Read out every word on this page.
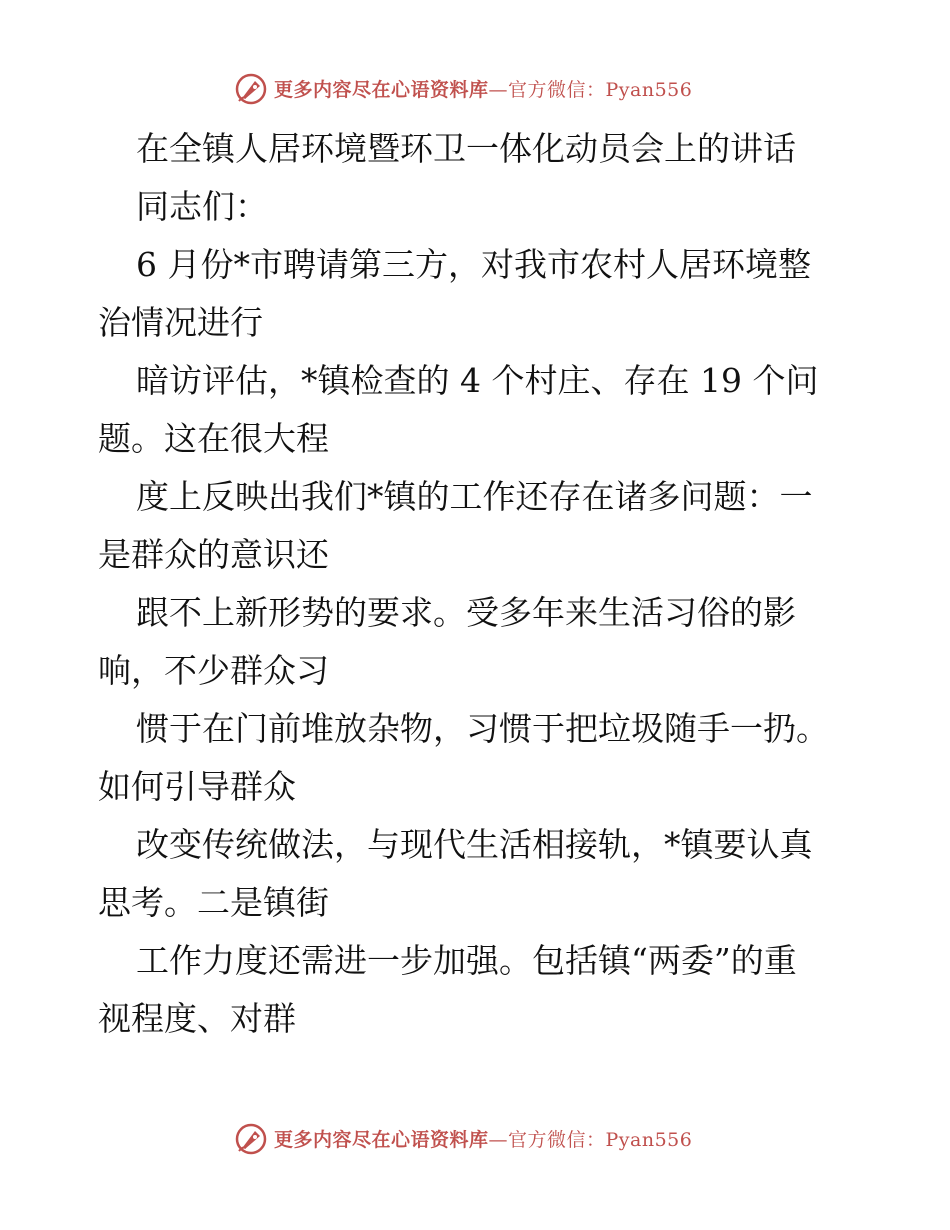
更多内容尽在心语资料库—官方微信：Pyan556

在全镇人居环境暨环卫一体化动员会上的讲话

同志们：

6 月份*市聘请第三方，对我市农村人居环境整

治情况进行

暗访评估，*镇检查的 4 个村庄、存在 19 个问

题。这在很大程

度上反映出我们*镇的工作还存在诸多问题：一

是群众的意识还

跟不上新形势的要求。受多年来生活习俗的影

响，不少群众习

惯于在门前堆放杂物，习惯于把垃圾随手一扔。

如何引导群众

改变传统做法，与现代生活相接轨，*镇要认真

思考。二是镇街

工作力度还需进一步加强。包括镇“两委”的重

视程度、对群

更多内容尽在心语资料库—官方微信：Pyan556
